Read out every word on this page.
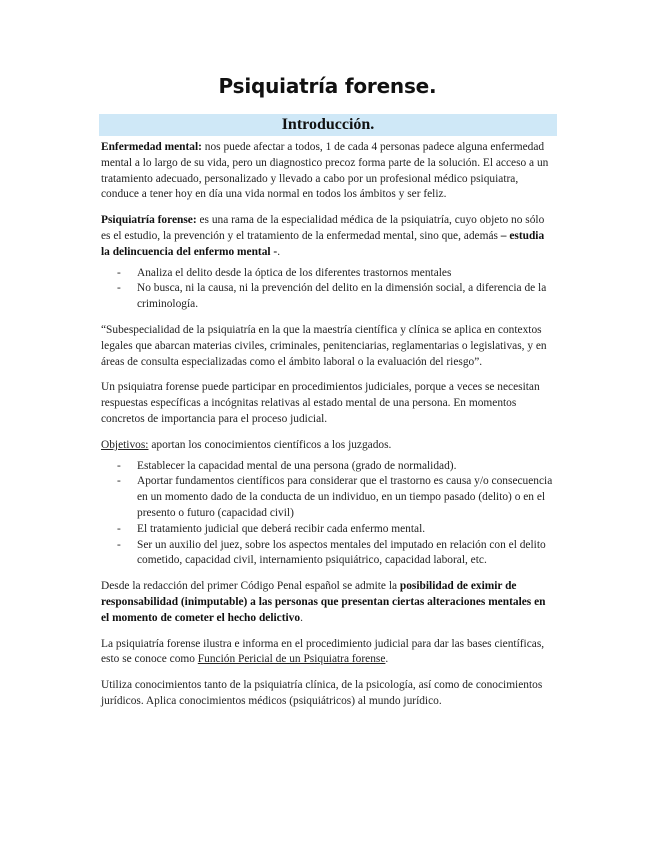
Psiquiatría forense.
Introducción.

Enfermedad mental: nos puede afectar a todos, 1 de cada 4 personas padece alguna enfermedad mental a lo largo de su vida, pero un diagnostico precoz forma parte de la solución. El acceso a un tratamiento adecuado, personalizado y llevado a cabo por un profesional médico psiquiatra, conduce a tener hoy en día una vida normal en todos los ámbitos y ser feliz.

Psiquiatría forense: es una rama de la especialidad médica de la psiquiatría, cuyo objeto no sólo es el estudio, la prevención y el tratamiento de la enfermedad mental, sino que, además – estudia la delincuencia del enfermo mental -.

- Analiza el delito desde la óptica de los diferentes trastornos mentales
- No busca, ni la causa, ni la prevención del delito en la dimensión social, a diferencia de la criminología.

“Subespecialidad de la psiquiatría en la que la maestría científica y clínica se aplica en contextos legales que abarcan materias civiles, criminales, penitenciarias, reglamentarias o legislativas, y en áreas de consulta especializadas como el ámbito laboral o la evaluación del riesgo”.

Un psiquiatra forense puede participar en procedimientos judiciales, porque a veces se necesitan respuestas específicas a incógnitas relativas al estado mental de una persona. En momentos concretos de importancia para el proceso judicial.

Objetivos: aportan los conocimientos científicos a los juzgados.

- Establecer la capacidad mental de una persona (grado de normalidad).
- Aportar fundamentos científicos para considerar que el trastorno es causa y/o consecuencia en un momento dado de la conducta de un individuo, en un tiempo pasado (delito) o en el presento o futuro (capacidad civil)
- El tratamiento judicial que deberá recibir cada enfermo mental.
- Ser un auxilio del juez, sobre los aspectos mentales del imputado en relación con el delito cometido, capacidad civil, internamiento psiquiátrico, capacidad laboral, etc.

Desde la redacción del primer Código Penal español se admite la posibilidad de eximir de responsabilidad (inimputable) a las personas que presentan ciertas alteraciones mentales en el momento de cometer el hecho delictivo.

La psiquiatría forense ilustra e informa en el procedimiento judicial para dar las bases científicas, esto se conoce como Función Pericial de un Psiquiatra forense.

Utiliza conocimientos tanto de la psiquiatría clínica, de la psicología, así como de conocimientos jurídicos. Aplica conocimientos médicos (psiquiátricos) al mundo jurídico.
